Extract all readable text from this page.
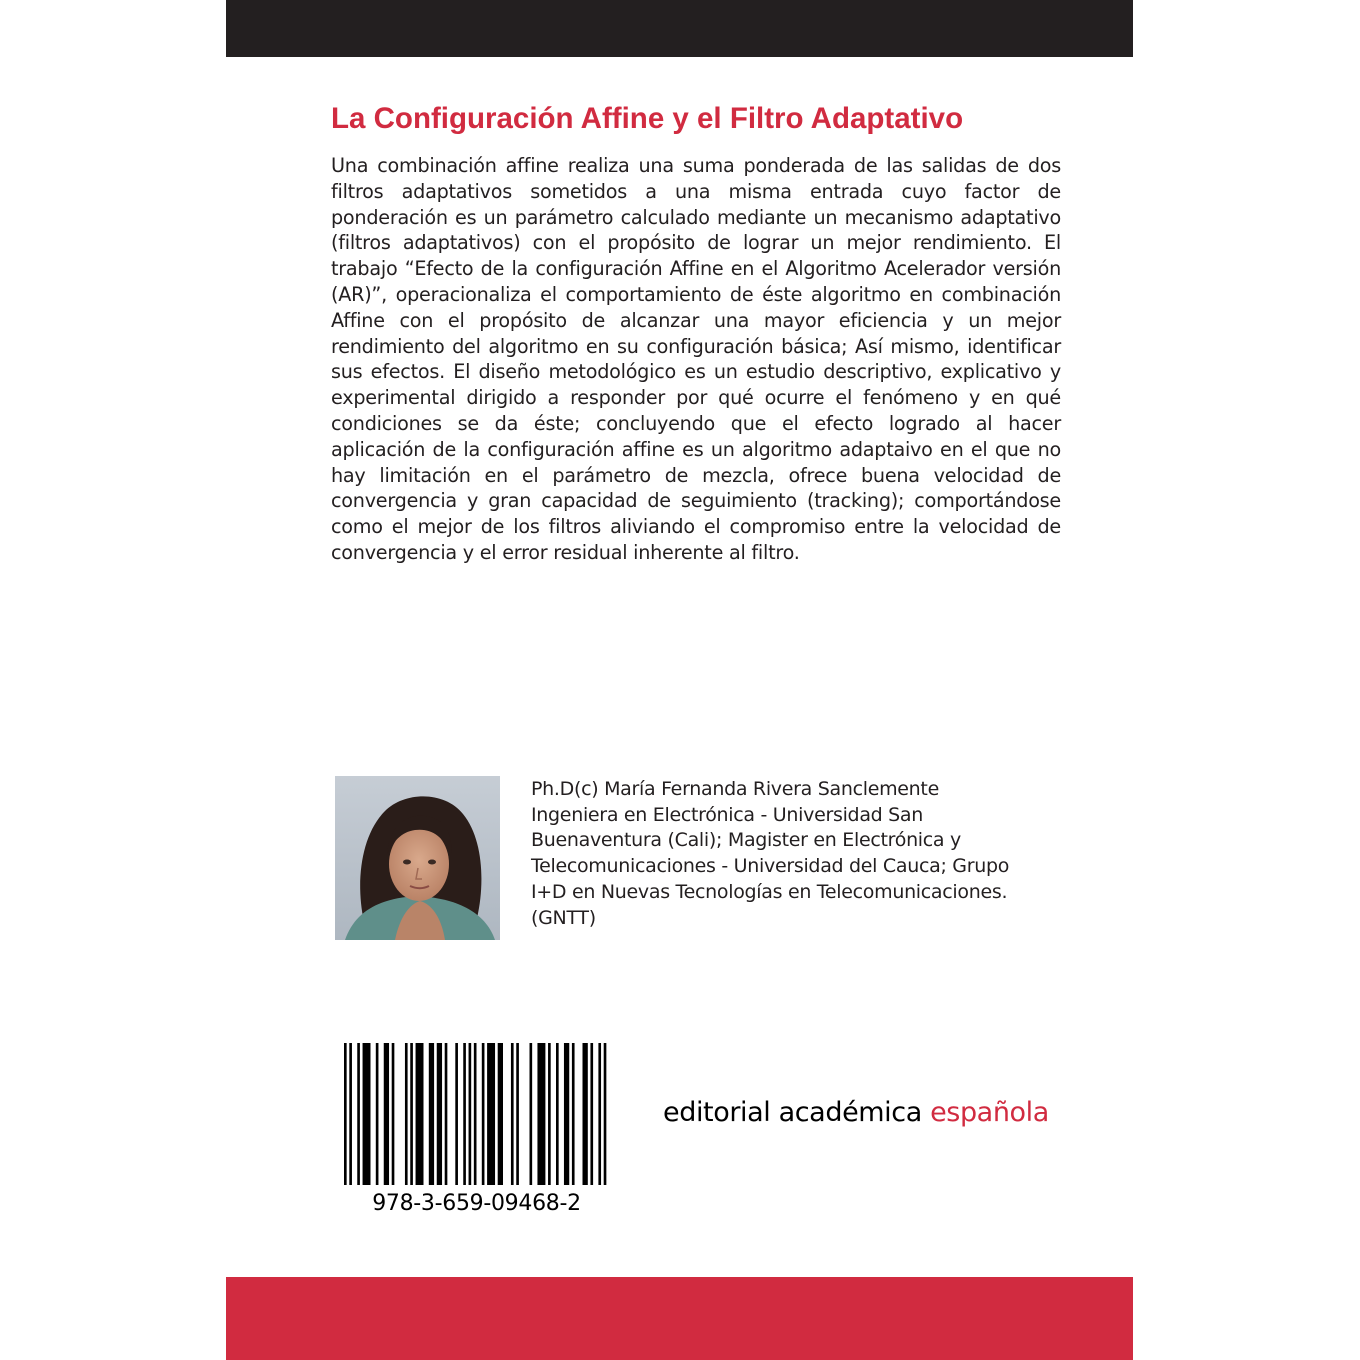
La Configuración Affine y el Filtro Adaptativo

Una combinación affine realiza una suma ponderada de las salidas de dos filtros adaptativos sometidos a una misma entrada cuyo factor de ponderación es un parámetro calculado mediante un mecanismo adaptativo (filtros adaptativos) con el propósito de lograr un mejor rendimiento. El trabajo “Efecto de la configuración Affine en el Algoritmo Acelerador versión (AR)”, operacionaliza el comportamiento de éste algoritmo en combinación Affine con el propósito de alcanzar una mayor eficiencia y un mejor rendimiento del algoritmo en su configuración básica; Así mismo, identificar sus efectos. El diseño metodológico es un estudio descriptivo, explicativo y experimental dirigido a responder por qué ocurre el fenómeno y en qué condiciones se da éste; concluyendo que el efecto logrado al hacer aplicación de la configuración affine es un algoritmo adaptaivo en el que no hay limitación en el parámetro de mezcla, ofrece buena velocidad de convergencia y gran capacidad de seguimiento (tracking); comportándose como el mejor de los filtros aliviando el compromiso entre la velocidad de convergencia y el error residual inherente al filtro.

Ph.D(c) María Fernanda Rivera Sanclemente
Ingeniera en Electrónica - Universidad San
Buenaventura (Cali); Magister en Electrónica y
Telecomunicaciones - Universidad del Cauca; Grupo
I+D en Nuevas Tecnologías en Telecomunicaciones.
(GNTT)
978-3-659-09468-2
editorial académica española
